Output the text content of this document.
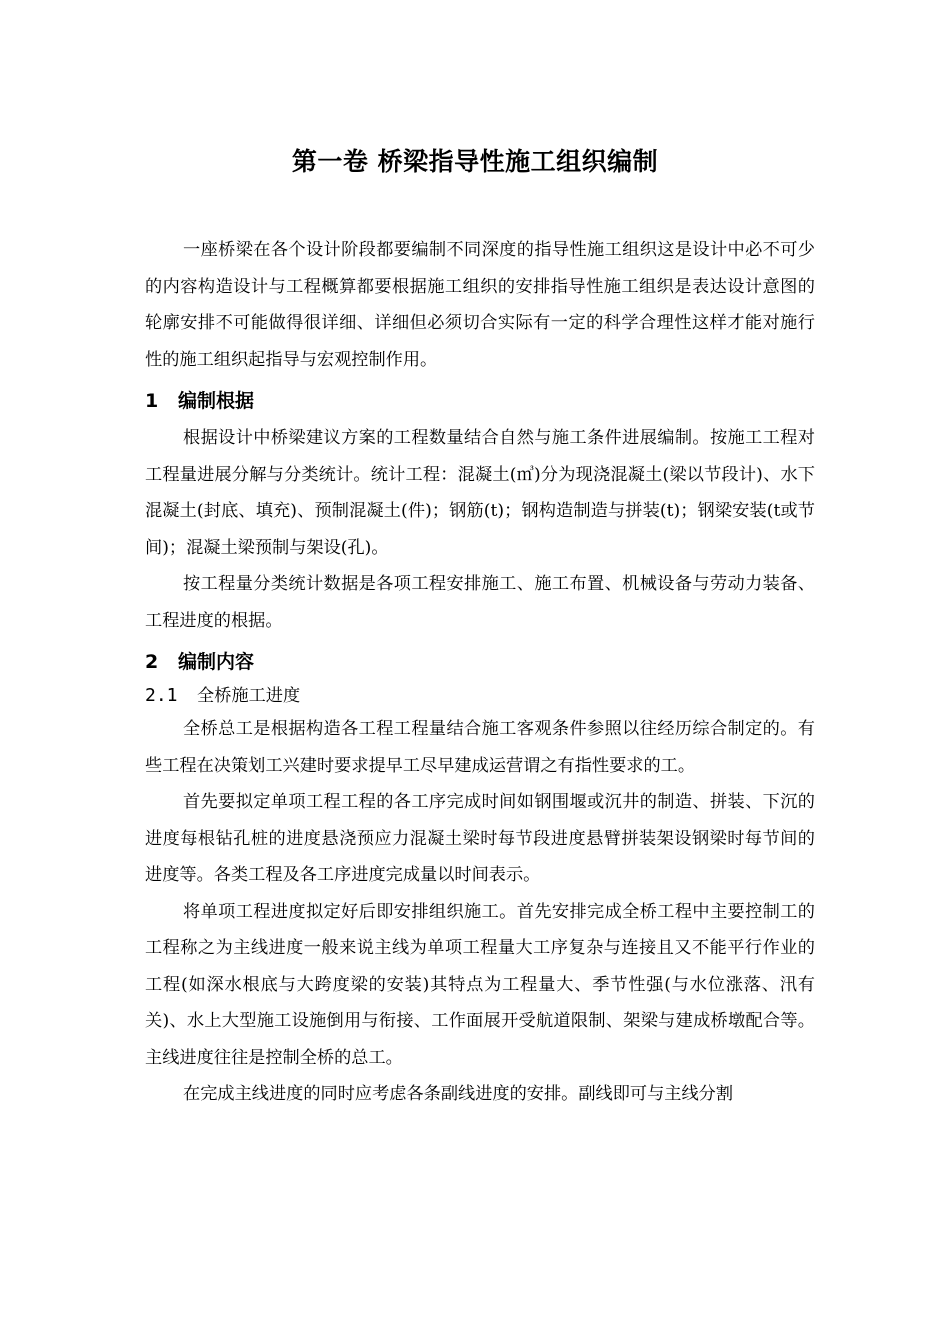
第一卷 桥梁指导性施工组织编制

一座桥梁在各个设计阶段都要编制不同深度的指导性施工组织这是设计中必不可少的内容构造设计与工程概算都要根据施工组织的安排指导性施工组织是表达设计意图的轮廓安排不可能做得很详细、详细但必须切合实际有一定的科学合理性这样才能对施行性的施工组织起指导与宏观控制作用。

1 编制根据

根据设计中桥梁建议方案的工程数量结合自然与施工条件进展编制。按施工工程对工程量进展分解与分类统计。统计工程：混凝土(㎥)分为现浇混凝土(梁以节段计)、水下混凝土(封底、填充)、预制混凝土(件)；钢筋(t)；钢构造制造与拼装(t)；钢梁安装(t或节间)；混凝土梁预制与架设(孔)。

按工程量分类统计数据是各项工程安排施工、施工布置、机械设备与劳动力装备、工程进度的根据。

2 编制内容
2.1 全桥施工进度

全桥总工是根据构造各工程工程量结合施工客观条件参照以往经历综合制定的。有些工程在决策划工兴建时要求提早工尽早建成运营谓之有指性要求的工。

首先要拟定单项工程工程的各工序完成时间如钢围堰或沉井的制造、拼装、下沉的进度每根钻孔桩的进度悬浇预应力混凝土梁时每节段进度悬臂拼装架设钢梁时每节间的进度等。各类工程及各工序进度完成量以时间表示。

将单项工程进度拟定好后即安排组织施工。首先安排完成全桥工程中主要控制工的工程称之为主线进度一般来说主线为单项工程量大工序复杂与连接且又不能平行作业的工程(如深水根底与大跨度梁的安装)其特点为工程量大、季节性强(与水位涨落、汛有关)、水上大型施工设施倒用与衔接、工作面展开受航道限制、架梁与建成桥墩配合等。主线进度往往是控制全桥的总工。

在完成主线进度的同时应考虑各条副线进度的安排。副线即可与主线分割
